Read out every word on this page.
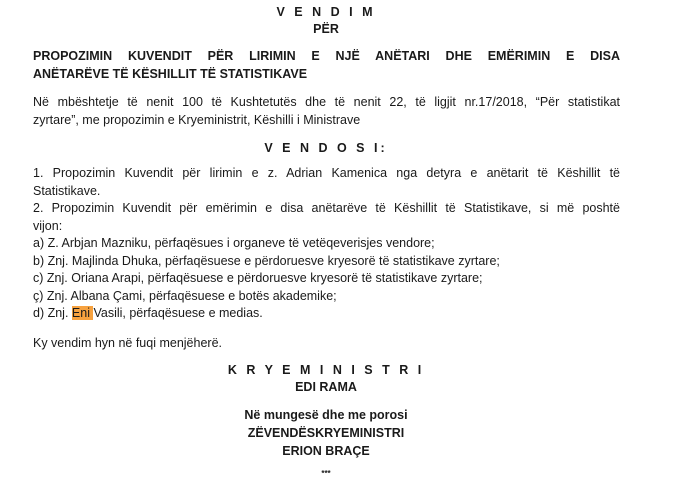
V E N D I M
PËR
PROPOZIMIN KUVENDIT PËR LIRIMIN E NJË ANËTARI DHE EMËRIMIN E DISA
ANËTARËVE TË KËSHILLIT TË STATISTIKAVE
Në mbështetje të nenit 100 të Kushtetutës dhe të nenit 22, të ligjit nr.17/2018, “Për statistikat
zyrtare”, me propozimin e Kryeministrit, Këshilli i Ministrave
V E N D O S I:
1. Propozimin Kuvendit për lirimin e z. Adrian Kamenica nga detyra e anëtarit të Këshillit të
Statistikave.
2. Propozimin Kuvendit për emërimin e disa anëtarëve të Këshillit të Statistikave, si më poshtë
vijon:
a) Z. Arbjan Mazniku, përfaqësues i organeve të vetëqeverisjes vendore;
b) Znj. Majlinda Dhuka, përfaqësuese e përdoruesve kryesorë të statistikave zyrtare;
c) Znj. Oriana Arapi, përfaqësuese e përdoruesve kryesorë të statistikave zyrtare;
ç) Znj. Albana Çami, përfaqësuese e botës akademike;
d) Znj. Eni Vasili, përfaqësuese e medias.
Ky vendim hyn në fuqi menjëherë.
K R Y E M I N I S T R I
EDI RAMA
Në mungesë dhe me porosi
ZËVENDËSKRYEMINISTRI
ERION BRAÇE
***
